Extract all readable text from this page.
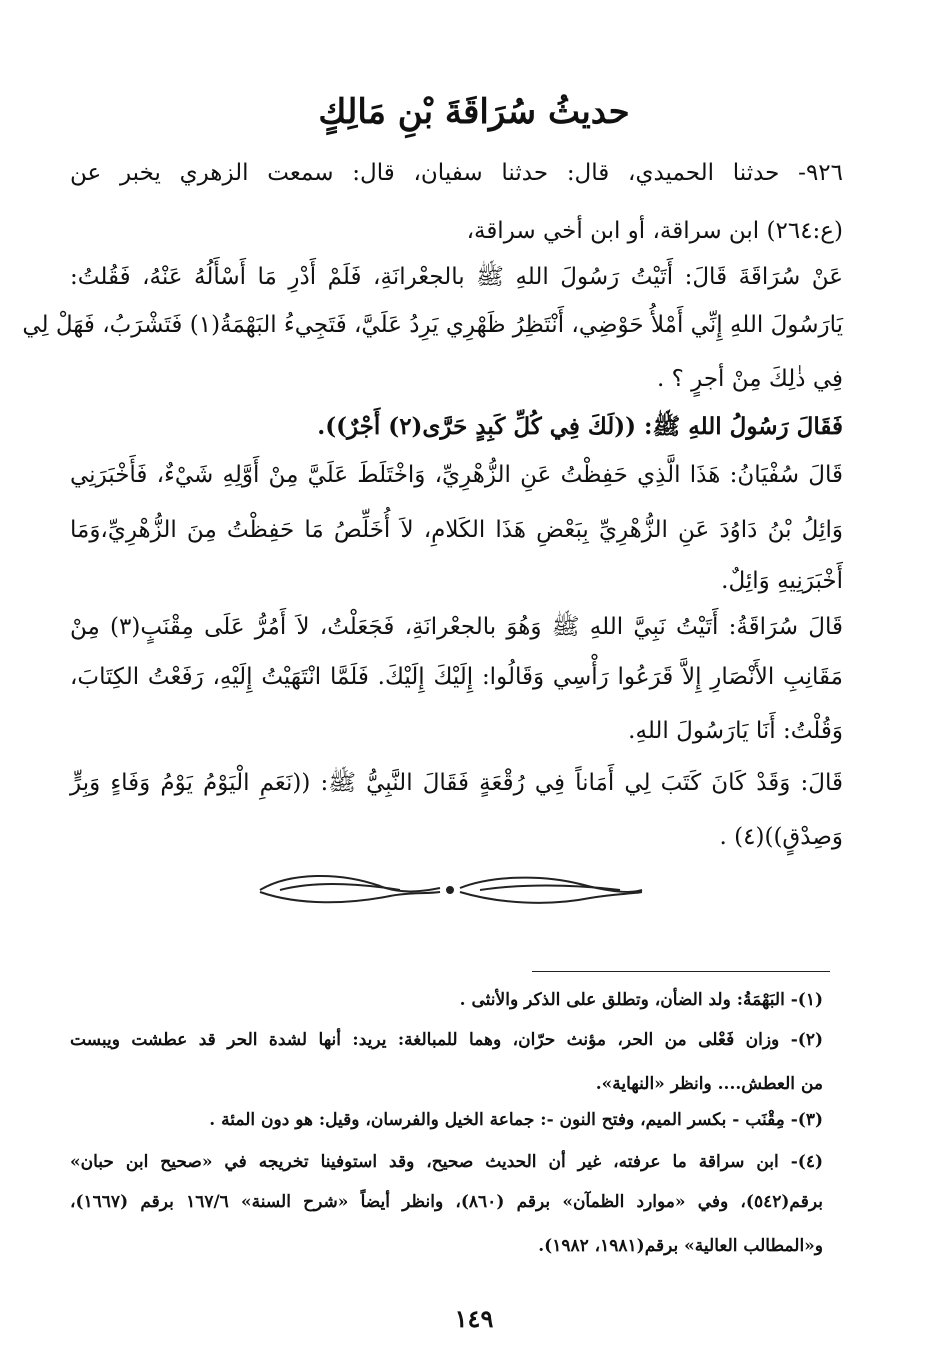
حديثُ سُرَاقَةَ بْنِ مَالِكٍ
٩٢٦- حدثنا الحميدي، قال: حدثنا سفيان، قال: سمعت الزهري يخبر عن
(ع:٢٦٤) ابن سراقة، أو ابن أخي سراقة،
عَنْ سُرَاقَةَ قَالَ: أَتَيْتُ رَسُولَ اللهِ ﷺ بالجعْرانَةِ، فَلَمْ أَدْرِ مَا أَسْأَلُهُ عَنْهُ، فَقُلتُ:
يَارَسُولَ اللهِ إِنِّي أَمْلأُ حَوْضِي، أَنْتَظِرُ ظَهْرِي يَرِدُ عَلَيَّ، فَتَجِيءُ البَهْمَةُ(١) فَتَشْرَبُ، فَهَلْ لِي
فِي ذٰلِكَ مِنْ أجرٍ ؟ .
فَقَالَ رَسُولُ اللهِ ﷺ: ((لَكَ فِي كُلِّ كَبِدٍ حَرَّى(٢) أَجْرٌ)).
قَالَ سُفْيَانُ: هَذَا الَّذِي حَفِظْتُ عَنِ الزُّهْرِيِّ، وَاخْتَلَطَ عَلَيَّ مِنْ أَوَّلِهِ شَيْءٌ، فَأَخْبَرَنِي
وَائِلُ بْنُ دَاوُدَ عَنِ الزُّهْرِيِّ بِبَعْضِ هَذَا الكَلامِ، لاَ أُخَلِّصُ مَا حَفِظْتُ مِنَ الزُّهْرِيِّ،وَمَا
أَخْبَرَنِيهِ وَائِلٌ.
قَالَ سُرَاقَةُ: أَتَيْتُ نَبِيَّ اللهِ ﷺ وَهُوَ بالجعْرانَةِ، فَجَعَلْتُ، لاَ أَمُرُّ عَلَى مِقْنَبٍ(٣) مِنْ
مَقَانِبِ الأَنْصَارِ إِلاَّ قَرَعُوا رَأْسِي وَقَالُوا: إِلَيْكَ إِلَيْكَ. فَلَمَّا انْتَهَيْتُ إِلَيْهِ، رَفَعْتُ الكِتَابَ،
وَقُلْتُ: أَنَا يَارَسُولَ اللهِ.
قَالَ: وَقَدْ كَانَ كَتَبَ لِي أَمَاناً فِي رُقْعَةٍ فَقَالَ النَّبِيُّ ﷺ: ((نَعَمِ الْيَوْمُ يَوْمُ وَفَاءٍ وَبِرٍّ
وَصِدْقٍ))(٤) .
(١)- البَهْمَةُ: ولد الضأن، وتطلق على الذكر والأنثى .
(٢)- وزان فَعْلى من الحر، مؤنث حرّان، وهما للمبالغة: يريد: أنها لشدة الحر قد عطشت ويبست
من العطش.... وانظر «النهاية».
(٣)- مِقْنَب - بكسر الميم، وفتح النون -: جماعة الخيل والفرسان، وقيل: هو دون المئة .
(٤)- ابن سراقة ما عرفته، غير أن الحديث صحيح، وقد استوفينا تخريجه في «صحيح ابن حبان»
برقم(٥٤٢)، وفي «موارد الظمآن» برقم (٨٦٠)، وانظر أيضاً «شرح السنة» ١٦٧/٦ برقم (١٦٦٧)،
و«المطالب العالية» برقم(١٩٨١، ١٩٨٢).
١٤٩
